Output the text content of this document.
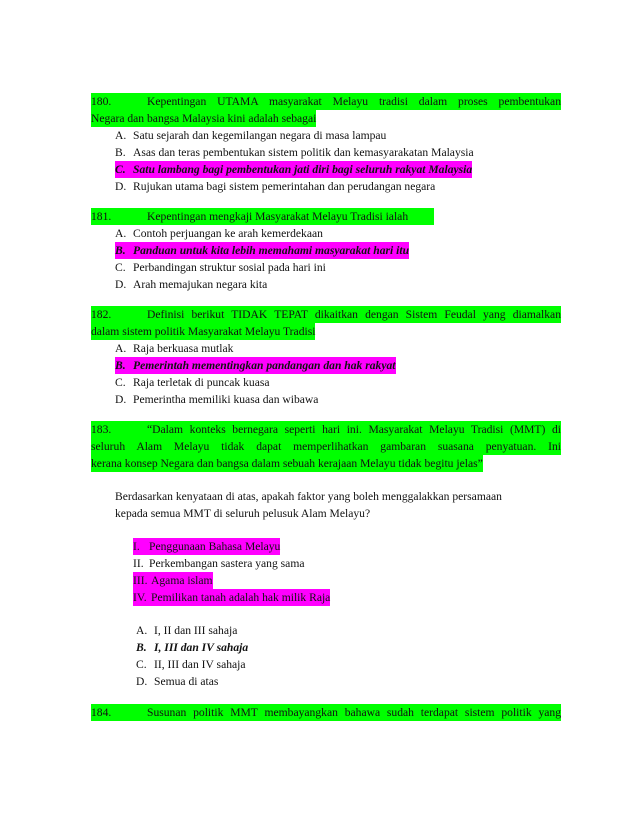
180.	Kepentingan UTAMA masyarakat Melayu tradisi dalam proses pembentukan
Negara dan bangsa Malaysia kini adalah sebagai
A. Satu sejarah dan kegemilangan negara di masa lampau
B. Asas dan teras pembentukan sistem politik dan kemasyarakatan Malaysia
C. Satu lambang bagi pembentukan jati diri bagi seluruh rakyat Malaysia
D. Rujukan utama bagi sistem pemerintahan dan perudangan negara
181.	Kepentingan mengkaji Masyarakat Melayu Tradisi ialah
A. Contoh perjuangan ke arah kemerdekaan
B. Panduan untuk kita lebih memahami masyarakat hari itu
C. Perbandingan struktur sosial pada hari ini
D. Arah memajukan negara kita
182.	Definisi berikut TIDAK TEPAT dikaitkan dengan Sistem Feudal yang diamalkan
dalam sistem politik Masyarakat Melayu Tradisi
A. Raja berkuasa mutlak
B. Pemerintah mementingkan pandangan dan hak rakyat
C. Raja terletak di puncak kuasa
D. Pemerintha memiliki kuasa dan wibawa
183.	“Dalam konteks bernegara seperti hari ini. Masyarakat Melayu Tradisi (MMT) di
seluruh Alam Melayu tidak dapat memperlihatkan gambaran suasana penyatuan. Ini
kerana konsep Negara dan bangsa dalam sebuah kerajaan Melayu tidak begitu jelas”
Berdasarkan kenyataan di atas, apakah faktor yang boleh menggalakkan persamaan
kepada semua MMT di seluruh pelusuk Alam Melayu?
I. Penggunaan Bahasa Melayu
II. Perkembangan sastera yang sama
III. Agama islam
IV. Pemilikan tanah adalah hak milik Raja
A. I, II dan III sahaja
B. I, III dan IV sahaja
C. II, III dan IV sahaja
D. Semua di atas
184.	Susunan politik MMT membayangkan bahawa sudah terdapat sistem politik yang
